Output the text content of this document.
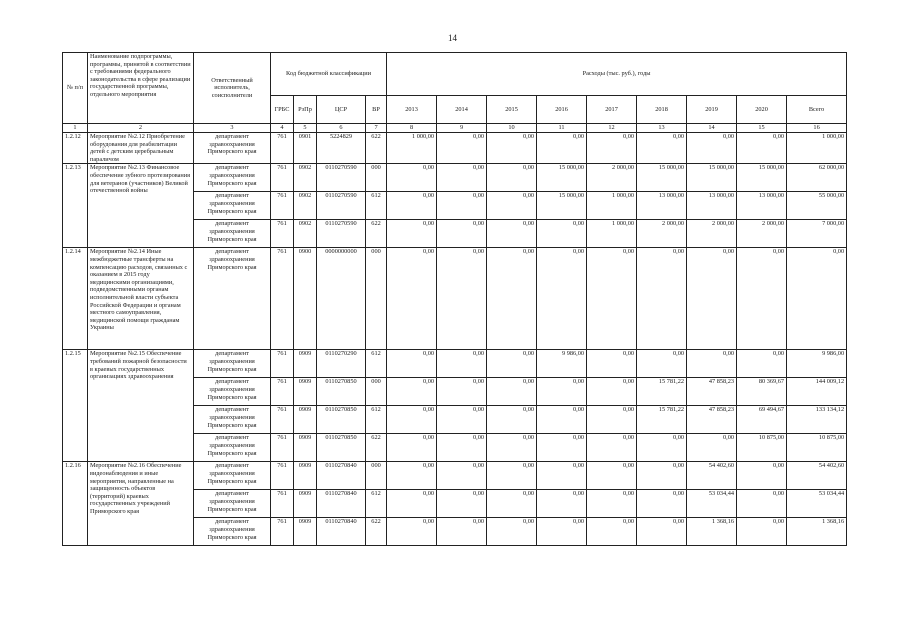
14
№ п/п	Наименование подпрограммы, программы, принятой в соответствии с требованиями федерального законодательства в сфере реализации государственной программы, отдельного мероприятия	Ответственный исполнитель, соисполнители	Код бюджетной классификации				Расходы (тыс. руб.), годы								
			ГРБС	РзПр	ЦСР	ВР	2013	2014	2015	2016	2017	2018	2019	2020	Всего
1	2	3	4	5	6	7	8	9	10	11	12	13	14	15	16
1.2.12	Мероприятие №2.12 Приобретение оборудования для реабилитации детей с детским церебральным параличом	департамент здравоохранения Приморского края	761	0901	5224829	622	1 000,00	0,00	0,00	0,00	0,00	0,00	0,00	0,00	1 000,00
1.2.13	Мероприятие №2.13 Финансовое обеспечение зубного протезирования для ветеранов (участников) Великой отечественной войны	департамент здравоохранения Приморского края	761	0902	0110270590	000	0,00	0,00	0,00	15 000,00	2 000,00	15 000,00	15 000,00	15 000,00	62 000,00
		департамент здравоохранения Приморского края	761	0902	0110270590	612	0,00	0,00	0,00	15 000,00	1 000,00	13 000,00	13 000,00	13 000,00	55 000,00
		департамент здравоохранения Приморского края	761	0902	0110270590	622	0,00	0,00	0,00	0,00	1 000,00	2 000,00	2 000,00	2 000,00	7 000,00
1.2.14	Мероприятие №2.14 Иные межбюджетные трансферты на компенсацию расходов, связанных с оказанием в 2015 году медицинскими организациями, подведомственными органам исполнительной власти субъекта Российской Федерации и органам местного самоуправления, медицинской помощи гражданам Украины	департамент здравоохранения Приморского края	761	0900	0000000000	000	0,00	0,00	0,00	0,00	0,00	0,00	0,00	0,00	0,00
1.2.15	Мероприятие №2.15 Обеспечение требований пожарной безопасности в краевых государственных организациях здравоохранения	департамент здравоохранения Приморского края	761	0909	0110270290	612	0,00	0,00	0,00	9 986,00	0,00	0,00	0,00	0,00	9 986,00
		департамент здравоохранения Приморского края	761	0909	0110270850	000	0,00	0,00	0,00	0,00	0,00	15 781,22	47 858,23	80 369,67	144 009,12
		департамент здравоохранения Приморского края	761	0909	0110270850	612	0,00	0,00	0,00	0,00	0,00	15 781,22	47 858,23	69 494,67	133 134,12
		департамент здравоохранения Приморского края	761	0909	0110270850	622	0,00	0,00	0,00	0,00	0,00	0,00	0,00	10 875,00	10 875,00
1.2.16	Мероприятие №2.16 Обеспечение видеонаблюдения и иные мероприятия, направленные на защищенность объектов (территорий) краевых государственных учреждений Приморского края	департамент здравоохранения Приморского края	761	0909	0110270840	000	0,00	0,00	0,00	0,00	0,00	0,00	54 402,60	0,00	54 402,60
		департамент здравоохранения Приморского края	761	0909	0110270840	612	0,00	0,00	0,00	0,00	0,00	0,00	53 034,44	0,00	53 034,44
		департамент здравоохранения Приморского края	761	0909	0110270840	622	0,00	0,00	0,00	0,00	0,00	0,00	1 368,16	0,00	1 368,16
